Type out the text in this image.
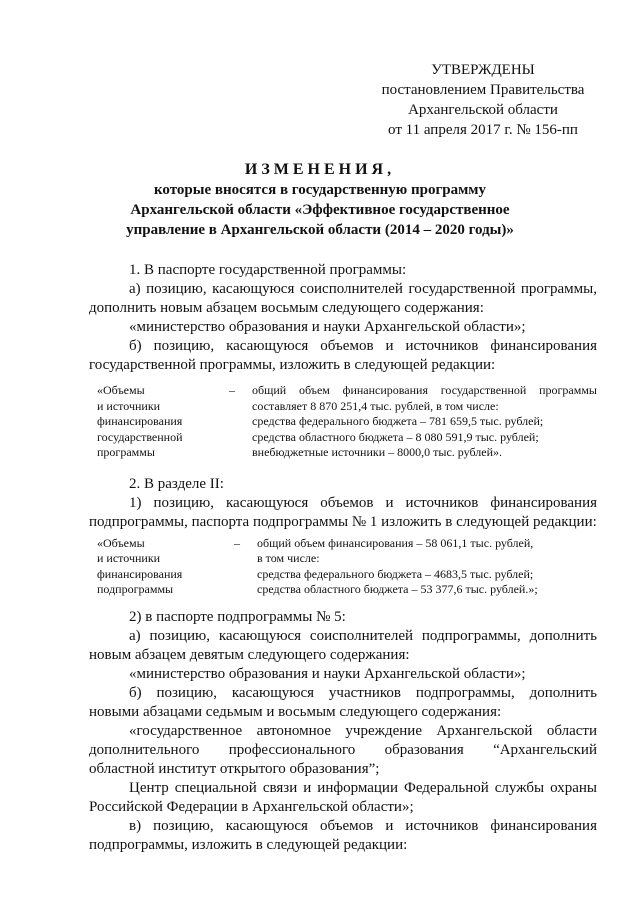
УТВЕРЖДЕНЫ
постановлением Правительства
Архангельской области
от 11 апреля 2017 г. № 156-пп
ИЗМЕНЕНИЯ,
которые вносятся в государственную программу
Архангельской области «Эффективное государственное
управление в Архангельской области (2014 – 2020 годы)»

1. В паспорте государственной программы:

а) позицию, касающуюся соисполнителей государственной программы,

дополнить новым абзацем восьмым следующего содержания:

«министерство образования и науки Архангельской области»;

б) позицию, касающуюся объемов и источников финансирования

государственной программы, изложить в следующей редакции:

«Объемы
и источники
финансирования
государственной
программы
–	общий объем финансирования государственной программы
составляет 8 870 251,4 тыс. рублей, в том числе:
средства федерального бюджета – 781 659,5 тыс. рублей;
средства областного бюджета – 8 080 591,9 тыс. рублей;
внебюджетные источники – 8000,0 тыс. рублей».

2. В разделе II:

1) позицию, касающуюся объемов и источников финансирования

подпрограммы, паспорта подпрограммы № 1 изложить в следующей редакции:

«Объемы
и источники
финансирования
подпрограммы
–	общий объем финансирования – 58 061,1 тыс. рублей,
в том числе:
средства федерального бюджета – 4683,5 тыс. рублей;
средства областного бюджета – 53 377,6 тыс. рублей.»;

2) в паспорте подпрограммы № 5:

а) позицию, касающуюся соисполнителей подпрограммы, дополнить

новым абзацем девятым следующего содержания:

«министерство образования и науки Архангельской области»;

б) позицию, касающуюся участников подпрограммы, дополнить

новыми абзацами седьмым и восьмым следующего содержания:

«государственное автономное учреждение Архангельской области

дополнительного профессионального образования “Архангельский

областной институт открытого образования”;

Центр специальной связи и информации Федеральной службы охраны

Российской Федерации в Архангельской области»;

в) позицию, касающуюся объемов и источников финансирования

подпрограммы, изложить в следующей редакции:
